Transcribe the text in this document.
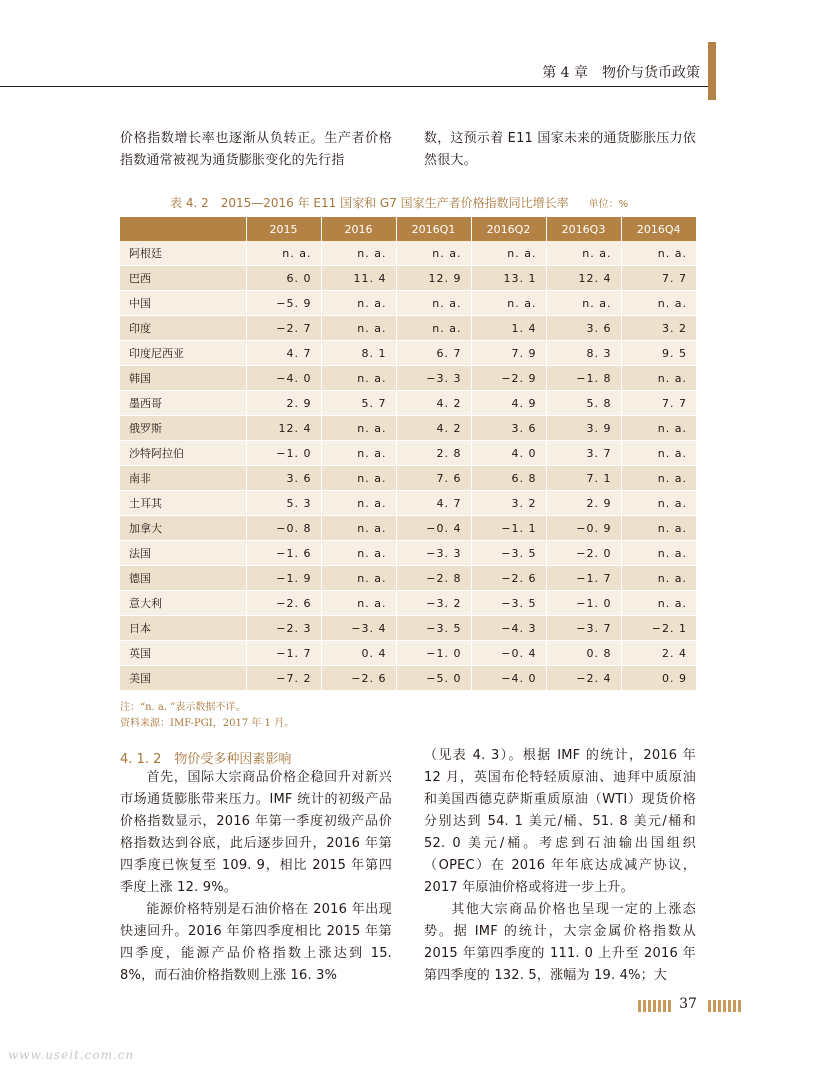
第 4 章　物价与货币政策

价格指数增长率也逐渐从负转正。生产者价格指数通常被视为通货膨胀变化的先行指

数，这预示着 E11 国家未来的通货膨胀压力依然很大。

表 4. 2　2015—2016 年 E11 国家和 G7 国家生产者价格指数同比增长率 单位：%
	2015	2016	2016Q1	2016Q2	2016Q3	2016Q4
阿根廷	n. a.	n. a.	n. a.	n. a.	n. a.	n. a.
巴西	6. 0	11. 4	12. 9	13. 1	12. 4	7. 7
中国	−5. 9	n. a.	n. a.	n. a.	n. a.	n. a.
印度	−2. 7	n. a.	n. a.	1. 4	3. 6	3. 2
印度尼西亚	4. 7	8. 1	6. 7	7. 9	8. 3	9. 5
韩国	−4. 0	n. a.	−3. 3	−2. 9	−1. 8	n. a.
墨西哥	2. 9	5. 7	4. 2	4. 9	5. 8	7. 7
俄罗斯	12. 4	n. a.	4. 2	3. 6	3. 9	n. a.
沙特阿拉伯	−1. 0	n. a.	2. 8	4. 0	3. 7	n. a.
南非	3. 6	n. a.	7. 6	6. 8	7. 1	n. a.
土耳其	5. 3	n. a.	4. 7	3. 2	2. 9	n. a.
加拿大	−0. 8	n. a.	−0. 4	−1. 1	−0. 9	n. a.
法国	−1. 6	n. a.	−3. 3	−3. 5	−2. 0	n. a.
德国	−1. 9	n. a.	−2. 8	−2. 6	−1. 7	n. a.
意大利	−2. 6	n. a.	−3. 2	−3. 5	−1. 0	n. a.
日本	−2. 3	−3. 4	−3. 5	−4. 3	−3. 7	−2. 1
英国	−1. 7	0. 4	−1. 0	−0. 4	0. 8	2. 4
美国	−7. 2	−2. 6	−5. 0	−4. 0	−2. 4	0. 9
注：“n. a. ”表示数据不详。
资料来源：IMF-PGI，2017 年 1 月。
4. 1. 2　物价受多种因素影响

首先，国际大宗商品价格企稳回升对新兴市场通货膨胀带来压力。IMF 统计的初级产品价格指数显示，2016 年第一季度初级产品价格指数达到谷底，此后逐步回升，2016 年第四季度已恢复至 109. 9，相比 2015 年第四季度上涨 12. 9%。

能源价格特别是石油价格在 2016 年出现快速回升。2016 年第四季度相比 2015 年第四季度，能源产品价格指数上涨达到 15. 8%，而石油价格指数则上涨 16. 3%

（见表 4. 3）。根据 IMF 的统计，2016 年 12 月，英国布伦特轻质原油、迪拜中质原油和美国西德克萨斯重质原油（WTI）现货价格分别达到 54. 1 美元/桶、51. 8 美元/桶和 52. 0 美元/桶。考虑到石油输出国组织（OPEC）在 2016 年年底达成减产协议，2017 年原油价格或将进一步上升。

其他大宗商品价格也呈现一定的上涨态势。据 IMF 的统计，大宗金属价格指数从 2015 年第四季度的 111. 0 上升至 2016 年第四季度的 132. 5，涨幅为 19. 4%；大

37
www.useit.com.cn
